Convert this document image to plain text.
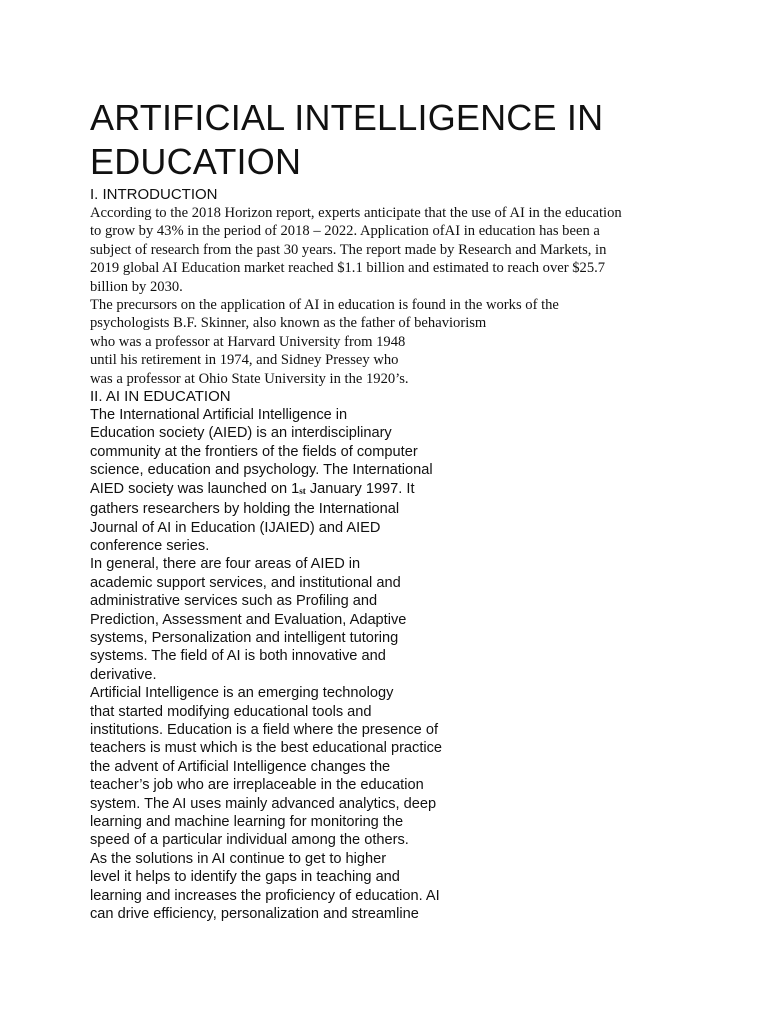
ARTIFICIAL INTELLIGENCE IN
EDUCATION
I. INTRODUCTION
According to the 2018 Horizon report, experts anticipate that the use of AI in the education
to grow by 43% in the period of 2018 – 2022. Application ofAI in education has been a
subject of research from the past 30 years. The report made by Research and Markets, in
2019 global AI Education market reached $1.1 billion and estimated to reach over $25.7
billion by 2030.
The precursors on the application of AI in education is found in the works of the
psychologists B.F. Skinner, also known as the father of behaviorism
who was a professor at Harvard University from 1948
until his retirement in 1974, and Sidney Pressey who
was a professor at Ohio State University in the 1920’s.
II. AI IN EDUCATION
The International Artificial Intelligence in
Education society (AIED) is an interdisciplinary
community at the frontiers of the fields of computer
science, education and psychology. The International
AIED society was launched on 1st January 1997. It
gathers researchers by holding the International
Journal of AI in Education (IJAIED) and AIED
conference series.
In general, there are four areas of AIED in
academic support services, and institutional and
administrative services such as Profiling and
Prediction, Assessment and Evaluation, Adaptive
systems, Personalization and intelligent tutoring
systems. The field of AI is both innovative and
derivative.
Artificial Intelligence is an emerging technology
that started modifying educational tools and
institutions. Education is a field where the presence of
teachers is must which is the best educational practice
the advent of Artificial Intelligence changes the
teacher’s job who are irreplaceable in the education
system. The AI uses mainly advanced analytics, deep
learning and machine learning for monitoring the
speed of a particular individual among the others.
As the solutions in AI continue to get to higher
level it helps to identify the gaps in teaching and
learning and increases the proficiency of education. AI
can drive efficiency, personalization and streamline
